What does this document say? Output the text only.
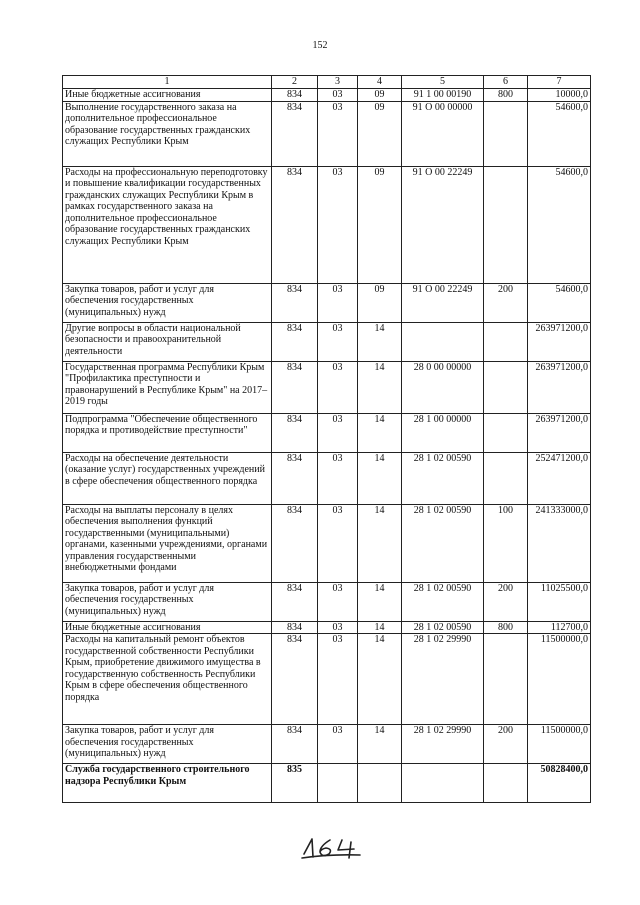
152
1	2	3	4	5	6	7
Иные бюджетные ассигнования	834	03	09	91 1 00 00190	800	10000,0
Выполнение государственного заказа на дополнительное профессиональное образование государственных гражданских служащих Республики Крым	834	03	09	91 О 00 00000		54600,0
Расходы на профессиональную переподготовку и повышение квалификации государственных гражданских служащих Республики Крым в рамках государственного заказа на дополнительное профессиональное образование государственных гражданских служащих Республики Крым	834	03	09	91 О 00 22249		54600,0
Закупка товаров, работ и услуг для обеспечения государственных (муниципальных) нужд	834	03	09	91 О 00 22249	200	54600,0
Другие вопросы в области национальной безопасности и правоохранительной деятельности	834	03	14			263971200,0
Государственная программа Республики Крым "Профилактика преступности и правонарушений в Республике Крым" на 2017–2019 годы	834	03	14	28 0 00 00000		263971200,0
Подпрограмма "Обеспечение общественного порядка и противодействие преступности"	834	03	14	28 1 00 00000		263971200,0
Расходы на обеспечение деятельности (оказание услуг) государственных учреждений в сфере обеспечения общественного порядка	834	03	14	28 1 02 00590		252471200,0
Расходы на выплаты персоналу в целях обеспечения выполнения функций государственными (муниципальными) органами, казенными учреждениями, органами управления государственными внебюджетными фондами	834	03	14	28 1 02 00590	100	241333000,0
Закупка товаров, работ и услуг для обеспечения государственных (муниципальных) нужд	834	03	14	28 1 02 00590	200	11025500,0
Иные бюджетные ассигнования	834	03	14	28 1 02 00590	800	112700,0
Расходы на капитальный ремонт объектов государственной собственности Республики Крым, приобретение движимого имущества в государственную собственность Республики Крым в сфере обеспечения общественного порядка	834	03	14	28 1 02 29990		11500000,0
Закупка товаров, работ и услуг для обеспечения государственных (муниципальных) нужд	834	03	14	28 1 02 29990	200	11500000,0
Служба государственного строительного надзора Республики Крым	835					50828400,0
